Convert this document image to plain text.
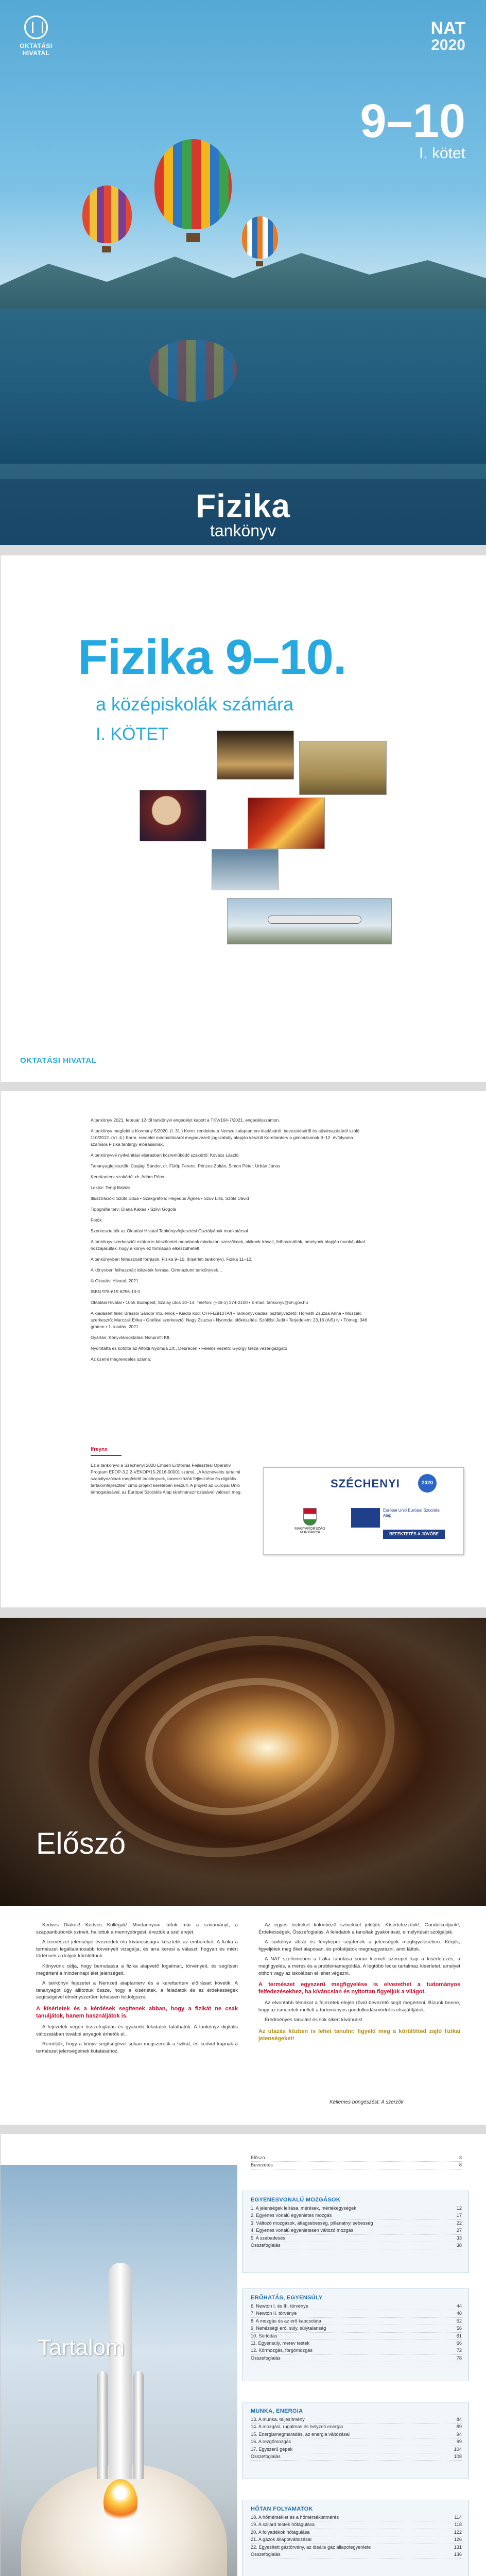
OKTATÁSI
HIVATAL
NAT
2020
9–10
I. kötet
Fizika
tankönyv
Fizika 9–10.
a középiskolák számára
I. KÖTET
OKTATÁSI HIVATAL

A tankönyv 2021. február 12-től tankönyvi engedélyt kapott a TKV/164-7/2021. engedélyszámon.

A tankönyv megfelel a Kormány 5/2020. (I. 31.) Korm. rendelete a Nemzeti alaptanterv kiadásáról, bevezetéséről és alkalmazásáról szóló 110/2012. (VI. 4.) Korm. rendelet módosításáról megnevezett jogszabály alapján készült Kerettanterv a gimnáziumok 9–12. évfolyama számára Fizika tantárgy előírásainak.

A tankönyvvé nyilvánítási eljárásban közreműködő szakértő: Kovács László

Tananyagfejlesztők: Csajági Sándor, dr. Fülöp Ferenc, Pénzes Zoltán, Simon Péter, Urbán János

Kerettanterv szakértő: dr. Ádám Péter

Lektor: Tengi Balázs

Illusztrációk: Szűts Édua • Szakgrafika: Hegedűs Ágnes • Szuv Lilla, Szőts Dávid

Tipográfia terv: Diána Kakas • Szilvi Gogola

Fotók:

Szerkesztették az Oktatási Hivatal Tankönyvfejlesztési Osztályának munkatársai

A tankönyv szerkesztői ezúton is köszönetet mondanak mindazon szerzőknek, akiknek írásait, felhasználták, amelynek alapján munkájukkal hozzájárultak, hogy a könyv ez formában elkészülhetett.

A tankönyvben felhasznált források: Fizika 9–10. (kísérleti tankönyv), Fizika 11–12.

A könyvben felhasznált idézetek forrása: Gimnáziumi tankönyvek…

© Oktatási Hivatal, 2021

ISBN 978-615-6256-13-0

Oktatási Hivatal • 1055 Budapest, Szalay utca 10–14. Telefon: (+36-1) 374-2100 • E-mail: tankonyv@oh.gov.hu

A kiadásért felel: Brassói Sándor mb. elnök • Kiadói kód: OH-FIZ910TA/I • Tankönyvkiadási osztályvezető: Horváth Zsuzsa Anna • Műszaki szerkesztő: Marczali Erika • Grafikai szerkesztő: Nagy Zsuzsa • Nyomdai előkészítés: Szöllősi Judit • Terjedelem: 23,16 (A/5) ív • Tömeg: 346 gramm • 1. kiadás, 2021

Gyártás: Könyvtársoktatási Nonprofit Kft.

Nyomtatta és kötötte az Alföldi Nyomda Zrt., Debrecen • Felelős vezető: György Géza vezérigazgató

Az üzemi megrendelés száma:

Ifreynx

Ez a tankönyvi a Széchenyi 2020 Emberi Erőforrás Fejlesztési Operatív Program EFOP-3.2.2-VEKOP/15-2016-00001 számú, „A köznevelés tartalmi szabályozóinak megfelelő tankönyvek, taneszközök fejlesztése és digitális tartalomfejlesztés” című projekt keretében készült. A projekt az Európai Unió támogatásával, az Európai Szociális Alap társfinanszírozásával valósult meg.

SZÉCHENYI	2020
MAGYARORSZÁG KORMÁNYA
Európai Unió Európai Szociális Alap
BEFEKTETÉS A JÖVŐBE
Előszó

Kedves Diákok! Kedves Kollégák! Mindannyian láttuk már a szivárványt, a szappanbuborék színeit, hallottuk a mennydörgést, éreztük a szél erejét.

A természet jelenségei évezredek óta kíváncsiságra késztetik az embereket. A fizika a természet legáltalánosabb törvényeit vizsgálja, és arra keresi a választ, hogyan és miért történnek a dolgok körülöttünk.

Könyvünk célja, hogy bemutassa a fizika alapvető fogalmait, törvényeit, és segítsen megérteni a mindennapi élet jelenségeit.

A tankönyv fejezetei a Nemzeti alaptanterv és a kerettanterv előírásait követik. A tananyagot úgy állítottuk össze, hogy a kísérletek, a feladatok és az érdekességek segítségével élményszerűen lehessen feldolgozni.

A kísérletek és a kérdések segítenek abban, hogy a fizikát ne csak tanuljátok, hanem használjátok is.

A fejezetek végén összefoglalás és gyakorló feladatok találhatók. A tankönyv digitális változatában további anyagok érhetők el.

Reméljük, hogy a könyv segítségével sokan megszeretik a fizikát, és kedvet kapnak a természet jelenségeinek kutatásához.

Az egyes leckéket különböző színekkel jelöljük: Kísérletezzünk!, Gondolkodjunk!, Érdekességek, Összefoglalás. A feladatok a tanultak gyakorlását, elmélyítését szolgálják.

A tankönyv ábrái és fényképei segítenek a jelenségek megfigyelésében. Kérjük, figyeljétek meg őket alaposan, és próbáljátok megmagyarázni, amit láttok.

A NAT szellemében a fizika tanulása során kiemelt szerepet kap a kísérletezés, a megfigyelés, a mérés és a problémamegoldás. A legtöbb lecke tartalmaz kísérletet, amelyet otthon vagy az iskolában el lehet végezni.

A természet egyszerű megfigyelése is elvezethet a tudományos felfedezésekhez, ha kíváncsian és nyitottan figyeljük a világot.

Az elvontabb témákat a fejezetek elején rövid bevezető segít megérteni. Bízunk benne, hogy az ismeretek mellett a tudományos gondolkodásmódot is elsajátítjátok.

Eredményes tanulást és sok sikert kívánunk!

Az utazás közben is lehet tanulni: figyeld meg a körülötted zajló fizikai jelenségeket!

Kellemes böngészést: A szerzők
Tartalom
Előszó	3
Bevezetés	8
EGYENESVONALÚ MOZGÁSOK
1. A jelenségek leírása, mérések, mértékegységek	12
2. Egyenes vonalú egyenletes mozgás	17
3. Változó mozgások, átlagsebesség, pillanatnyi sebesség	22
4. Egyenes vonalú egyenletesen változó mozgás	27
5. A szabadesés	33
Összefoglalás	38
ERŐHATÁS, EGYENSÚLY
6. Newton I. és III. törvénye	44
7. Newton II. törvénye	48
8. A mozgás és az erő kapcsolata	52
9. Nehézségi erő, súly, súlytalanság	56
10. Súrlódás	61
11. Egyensúly, merev testek	66
12. Körmozgás, forgómozgás	72
Összefoglalás	78
MUNKA, ENERGIA
13. A munka, teljesítmény	84
14. A mozgási, rugalmas és helyzeti energia	89
15. Energiamegmaradás, az energia változásai	94
16. A rezgőmozgás	99
17. Egyszerű gépek	104
Összefoglalás	108
HŐTAN FOLYAMATOK
18. A hőmérséklet és a hőmérsékletmérés	114
19. A szilárd testek hőtágulása	118
20. A folyadékok hőtágulása	122
21. A gázok állapotváltozásai	126
22. Egyesített gáztörvény, az ideális gáz állapotegyenlete	131
Összefoglalás	136
